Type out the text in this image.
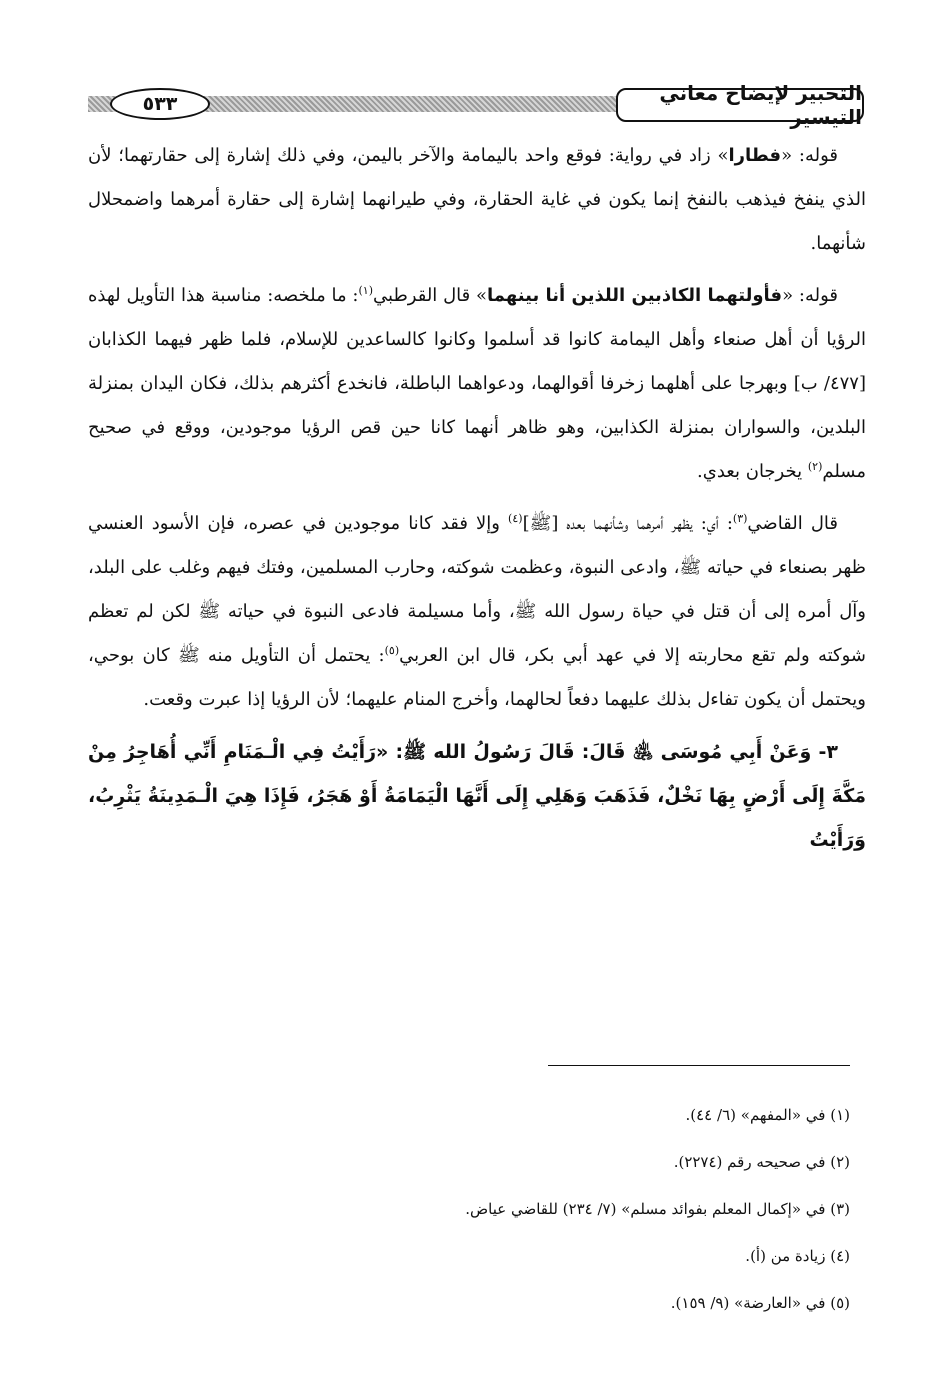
التحبير لإيضاح معاني التيسير
٥٣٣

قوله: «فطارا» زاد في رواية: فوقع واحد باليمامة والآخر باليمن، وفي ذلك إشارة إلى حقارتهما؛ لأن الذي ينفخ فيذهب بالنفخ إنما يكون في غاية الحقارة، وفي طيرانهما إشارة إلى حقارة أمرهما واضمحلال شأنهما.

قوله: «فأولتهما الكاذبين اللذين أنا بينهما» قال القرطبي$^{(١)}$: ما ملخصه: مناسبة هذا التأويل لهذه الرؤيا أن أهل صنعاء وأهل اليمامة كانوا قد أسلموا وكانوا كالساعدين للإسلام، فلما ظهر فيهما الكذابان [٤٧٧/ ب] وبهرجا على أهلهما زخرفا أقوالهما، ودعواهما الباطلة، فانخدع أكثرهم بذلك، فكان اليدان بمنزلة البلدين، والسواران بمنزلة الكذابين، وهو ظاهر أنهما كانا حين قص الرؤيا موجودين، ووقع في صحيح مسلم$^{(٢)}$ يخرجان بعدي.

قال القاضي$^{(٣)}$: أي: يظهر أمرهما وشأنهما بعده [ﷺ]$^{(٤)}$ وإلا فقد كانا موجودين في عصره، فإن الأسود العنسي ظهر بصنعاء في حياته ﷺ، وادعى النبوة، وعظمت شوكته، وحارب المسلمين، وفتك فيهم وغلب على البلد، وآل أمره إلى أن قتل في حياة رسول الله ﷺ، وأما مسيلمة فادعى النبوة في حياته ﷺ لكن لم تعظم شوكته ولم تقع محاربته إلا في عهد أبي بكر، قال ابن العربي$^{(٥)}$: يحتمل أن التأويل منه ﷺ كان بوحي، ويحتمل أن يكون تفاءل بذلك عليهما دفعاً لحالهما، وأخرج المنام عليهما؛ لأن الرؤيا إذا عبرت وقعت.

٣- وَعَنْ أَبِي مُوسَى ﵁ قَالَ: قَالَ رَسُولُ الله ﷺ: «رَأَيْتُ فِي الْـمَنَامِ أَنِّي أُهَاجِرُ مِنْ مَكَّةَ إِلَى أَرْضٍ بِهَا نَخْلٌ، فَذَهَبَ وَهَلِي إِلَى أَنَّهَا الْيَمَامَةُ أَوْ هَجَرُ، فَإِذَا هِيَ الْـمَدِينَةُ يَثْرِبُ، وَرَأَيْتُ

(١) في «المفهم» (٦/ ٤٤).
(٢) في صحيحه رقم (٢٢٧٤).
(٣) في «إكمال المعلم بفوائد مسلم» (٧/ ٢٣٤) للقاضي عياض.
(٤) زيادة من (أ).
(٥) في «العارضة» (٩/ ١٥٩).
